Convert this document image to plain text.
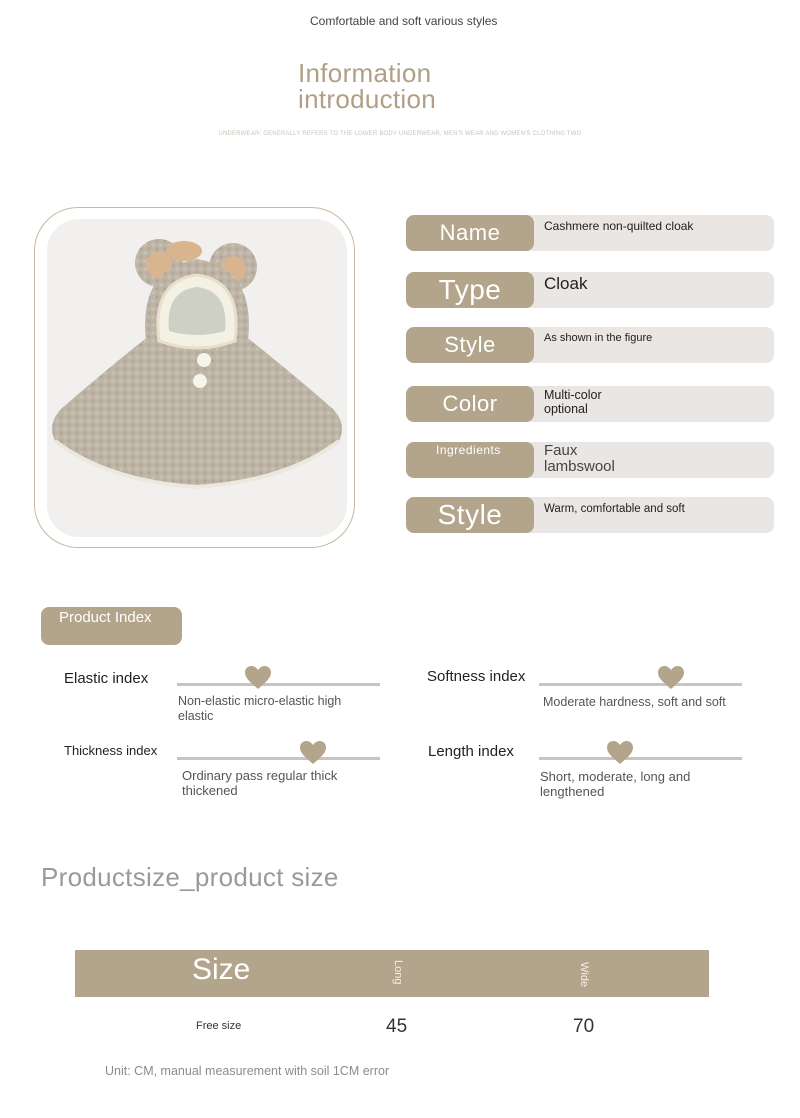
Comfortable and soft various styles
Information introduction
UNDERWEAR: GENERALLY REFERS TO THE LOWER BODY UNDERWEAR, MEN'S WEAR AND WOMEN'S CLOTHING TWO
Name	Cashmere non-quilted cloak
Type	Cloak
Style	As shown in the figure
Color	Multi-color optional
Ingredients	Faux lambswool
Style	Warm, comfortable and soft
Product Index
Elastic index
Non-elastic micro-elastic high elastic
Softness index
Moderate hardness, soft and soft
Thickness index
Ordinary pass regular thick thickened
Length index
Short, moderate, long and lengthened
Productsize_product size
Size	Long	Wide
Free size	45	70
Unit: CM, manual measurement with soil 1CM error
